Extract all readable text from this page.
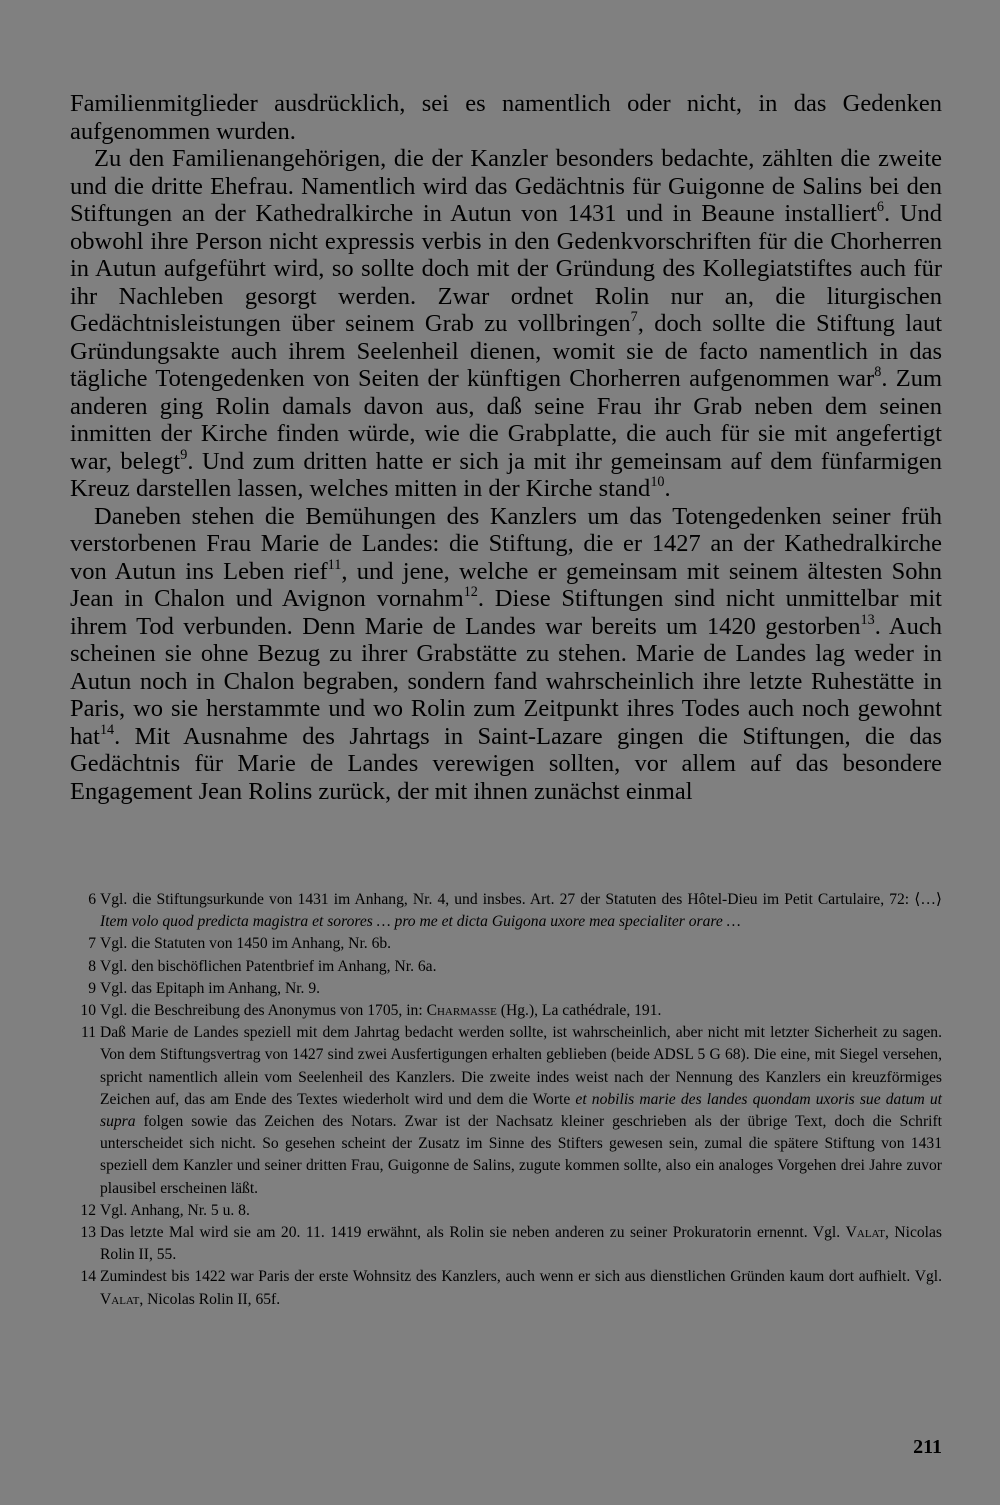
Familienmitglieder ausdrücklich, sei es namentlich oder nicht, in das Gedenken aufgenommen wurden.

Zu den Familienangehörigen, die der Kanzler besonders bedachte, zählten die zweite und die dritte Ehefrau. Namentlich wird das Gedächtnis für Guigonne de Salins bei den Stiftungen an der Kathedralkirche in Autun von 1431 und in Beaune installiert$^6$. Und obwohl ihre Person nicht expressis verbis in den Gedenkvorschriften für die Chorherren in Autun aufgeführt wird, so sollte doch mit der Gründung des Kollegiatstiftes auch für ihr Nachleben gesorgt werden. Zwar ordnet Rolin nur an, die liturgischen Gedächtnisleistungen über seinem Grab zu vollbringen$^7$, doch sollte die Stiftung laut Gründungsakte auch ihrem Seelenheil dienen, womit sie de facto namentlich in das tägliche Totengedenken von Seiten der künftigen Chorherren aufgenommen war$^8$. Zum anderen ging Rolin damals davon aus, daß seine Frau ihr Grab neben dem seinen inmitten der Kirche finden würde, wie die Grabplatte, die auch für sie mit angefertigt war, belegt$^9$. Und zum dritten hatte er sich ja mit ihr gemeinsam auf dem fünfarmigen Kreuz darstellen lassen, welches mitten in der Kirche stand$^{10}$.

Daneben stehen die Bemühungen des Kanzlers um das Totengedenken seiner früh verstorbenen Frau Marie de Landes: die Stiftung, die er 1427 an der Kathedralkirche von Autun ins Leben rief$^{11}$, und jene, welche er gemeinsam mit seinem ältesten Sohn Jean in Chalon und Avignon vornahm$^{12}$. Diese Stiftungen sind nicht unmittelbar mit ihrem Tod verbunden. Denn Marie de Landes war bereits um 1420 gestorben$^{13}$. Auch scheinen sie ohne Bezug zu ihrer Grabstätte zu stehen. Marie de Landes lag weder in Autun noch in Chalon begraben, sondern fand wahrscheinlich ihre letzte Ruhestätte in Paris, wo sie herstammte und wo Rolin zum Zeitpunkt ihres Todes auch noch gewohnt hat$^{14}$. Mit Ausnahme des Jahrtags in Saint-Lazare gingen die Stiftungen, die das Gedächtnis für Marie de Landes verewigen sollten, vor allem auf das besondere Engagement Jean Rolins zurück, der mit ihnen zunächst einmal

6 Vgl. die Stiftungsurkunde von 1431 im Anhang, Nr. 4, und insbes. Art. 27 der Statuten des Hôtel-Dieu im Petit Cartulaire, 72: ⟨…⟩ Item volo quod predicta magistra et sorores … pro me et dicta Guigona uxore mea specialiter orare …
7 Vgl. die Statuten von 1450 im Anhang, Nr. 6b.
8 Vgl. den bischöflichen Patentbrief im Anhang, Nr. 6a.
9 Vgl. das Epitaph im Anhang, Nr. 9.
10 Vgl. die Beschreibung des Anonymus von 1705, in: Charmasse (Hg.), La cathédrale, 191.
11 Daß Marie de Landes speziell mit dem Jahrtag bedacht werden sollte, ist wahrscheinlich, aber nicht mit letzter Sicherheit zu sagen. Von dem Stiftungsvertrag von 1427 sind zwei Ausfertigungen erhalten geblieben (beide ADSL 5 G 68). Die eine, mit Siegel versehen, spricht namentlich allein vom Seelenheil des Kanzlers. Die zweite indes weist nach der Nennung des Kanzlers ein kreuzförmiges Zeichen auf, das am Ende des Textes wiederholt wird und dem die Worte et nobilis marie des landes quondam uxoris sue datum ut supra folgen sowie das Zeichen des Notars. Zwar ist der Nachsatz kleiner geschrieben als der übrige Text, doch die Schrift unterscheidet sich nicht. So gesehen scheint der Zusatz im Sinne des Stifters gewesen sein, zumal die spätere Stiftung von 1431 speziell dem Kanzler und seiner dritten Frau, Guigonne de Salins, zugute kommen sollte, also ein analoges Vorgehen drei Jahre zuvor plausibel erscheinen läßt.
12 Vgl. Anhang, Nr. 5 u. 8.
13 Das letzte Mal wird sie am 20. 11. 1419 erwähnt, als Rolin sie neben anderen zu seiner Prokuratorin ernennt. Vgl. Valat, Nicolas Rolin II, 55.
14 Zumindest bis 1422 war Paris der erste Wohnsitz des Kanzlers, auch wenn er sich aus dienstlichen Gründen kaum dort aufhielt. Vgl. Valat, Nicolas Rolin II, 65f.
211
